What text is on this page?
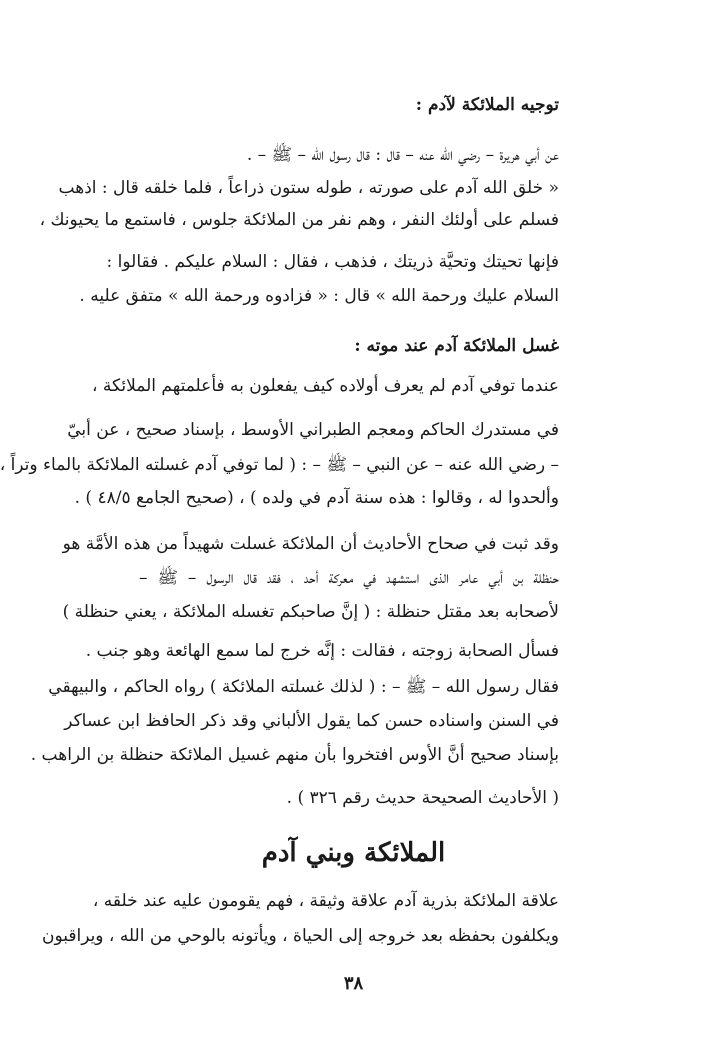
توجيه الملائكة لآدم :
عن أبي هريرة – رضي الله عنه – قال : قال رسول الله – ﷺ – .
« خلق الله آدم على صورته ، طوله ستون ذراعاً ، فلما خلقه قال : اذهب
فسلم على أولئك النفر ، وهم نفر من الملائكة جلوس ، فاستمع ما يحيونك ،
فإنها تحيتك وتحيَّة ذريتك ، فذهب ، فقال : السلام عليكم . فقالوا :
السلام عليك ورحمة الله » قال : « فزادوه ورحمة الله » متفق عليه .
غسل الملائكة آدم عند موته :
عندما توفي آدم لم يعرف أولاده كيف يفعلون به فأعلمتهم الملائكة ،
في مستدرك الحاكم ومعجم الطبراني الأوسط ، بإسناد صحيح ، عن أبيّ
– رضي الله عنه – عن النبي – ﷺ – : ( لما توفي آدم غسلته الملائكة بالماء وتراً ،
وألحدوا له ، وقالوا : هذه سنة آدم في ولده ) ، (صحيح الجامع ٤٨/٥ ) .
وقد ثبت في صحاح الأحاديث أن الملائكة غسلت شهيداً من هذه الأمَّة هو
حنظلة بن أبي عامر الذى استشهد في معركة أحد ، فقد قال الرسول – ﷺ –
لأصحابه بعد مقتل حنظلة : ( إنَّ صاحبكم تغسله الملائكة ، يعني حنظلة )
فسأل الصحابة زوجته ، فقالت : إنَّه خرج لما سمع الهائعة وهو جنب .
فقال رسول الله – ﷺ – : ( لذلك غسلته الملائكة ) رواه الحاكم ، والبيهقي
في السنن واسناده حسن كما يقول الألباني وقد ذكر الحافظ ابن عساكر
بإسناد صحيح أنَّ الأوس افتخروا بأن منهم غسيل الملائكة حنظلة بن الراهب .
( الأحاديث الصحيحة حديث رقم ٣٢٦ ) .
الملائكة وبني آدم
علاقة الملائكة بذرية آدم علاقة وثيقة ، فهم يقومون عليه عند خلقه ،
ويكلفون بحفظه بعد خروجه إلى الحياة ، ويأتونه بالوحي من الله ، ويراقبون
٣٨
